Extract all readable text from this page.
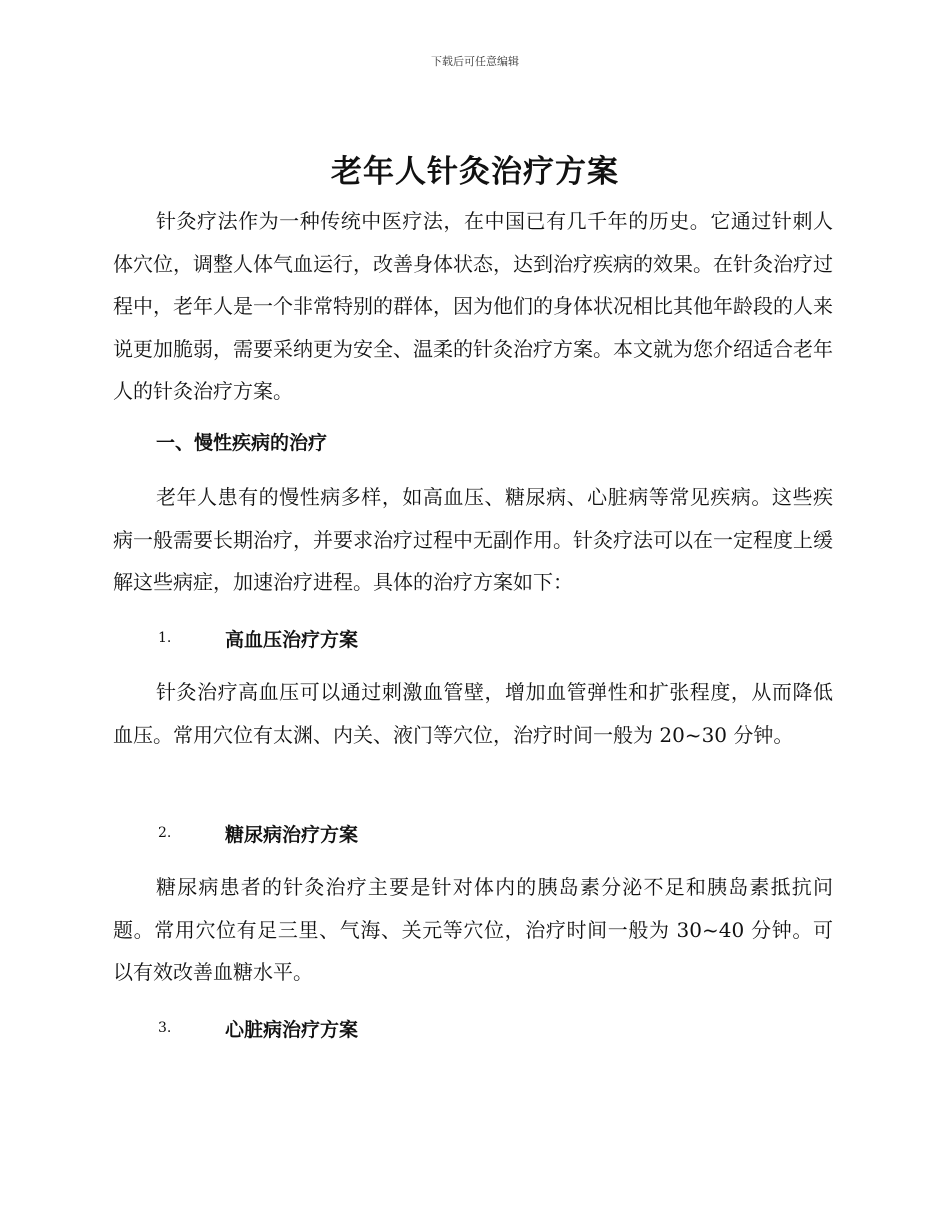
下载后可任意编辑
老年人针灸治疗方案

针灸疗法作为一种传统中医疗法，在中国已有几千年的历史。它通过针刺人体穴位，调整人体气血运行，改善身体状态，达到治疗疾病的效果。在针灸治疗过程中，老年人是一个非常特别的群体，因为他们的身体状况相比其他年龄段的人来说更加脆弱，需要采纳更为安全、温柔的针灸治疗方案。本文就为您介绍适合老年人的针灸治疗方案。

一、慢性疾病的治疗

老年人患有的慢性病多样，如高血压、糖尿病、心脏病等常见疾病。这些疾病一般需要长期治疗，并要求治疗过程中无副作用。针灸疗法可以在一定程度上缓解这些病症，加速治疗进程。具体的治疗方案如下：

1.	高血压治疗方案

针灸治疗高血压可以通过刺激血管壁，增加血管弹性和扩张程度，从而降低血压。常用穴位有太渊、内关、液门等穴位，治疗时间一般为 20~30 分钟。

2.	糖尿病治疗方案

糖尿病患者的针灸治疗主要是针对体内的胰岛素分泌不足和胰岛素抵抗问题。常用穴位有足三里、气海、关元等穴位，治疗时间一般为 30~40 分钟。可以有效改善血糖水平。

3.	心脏病治疗方案
